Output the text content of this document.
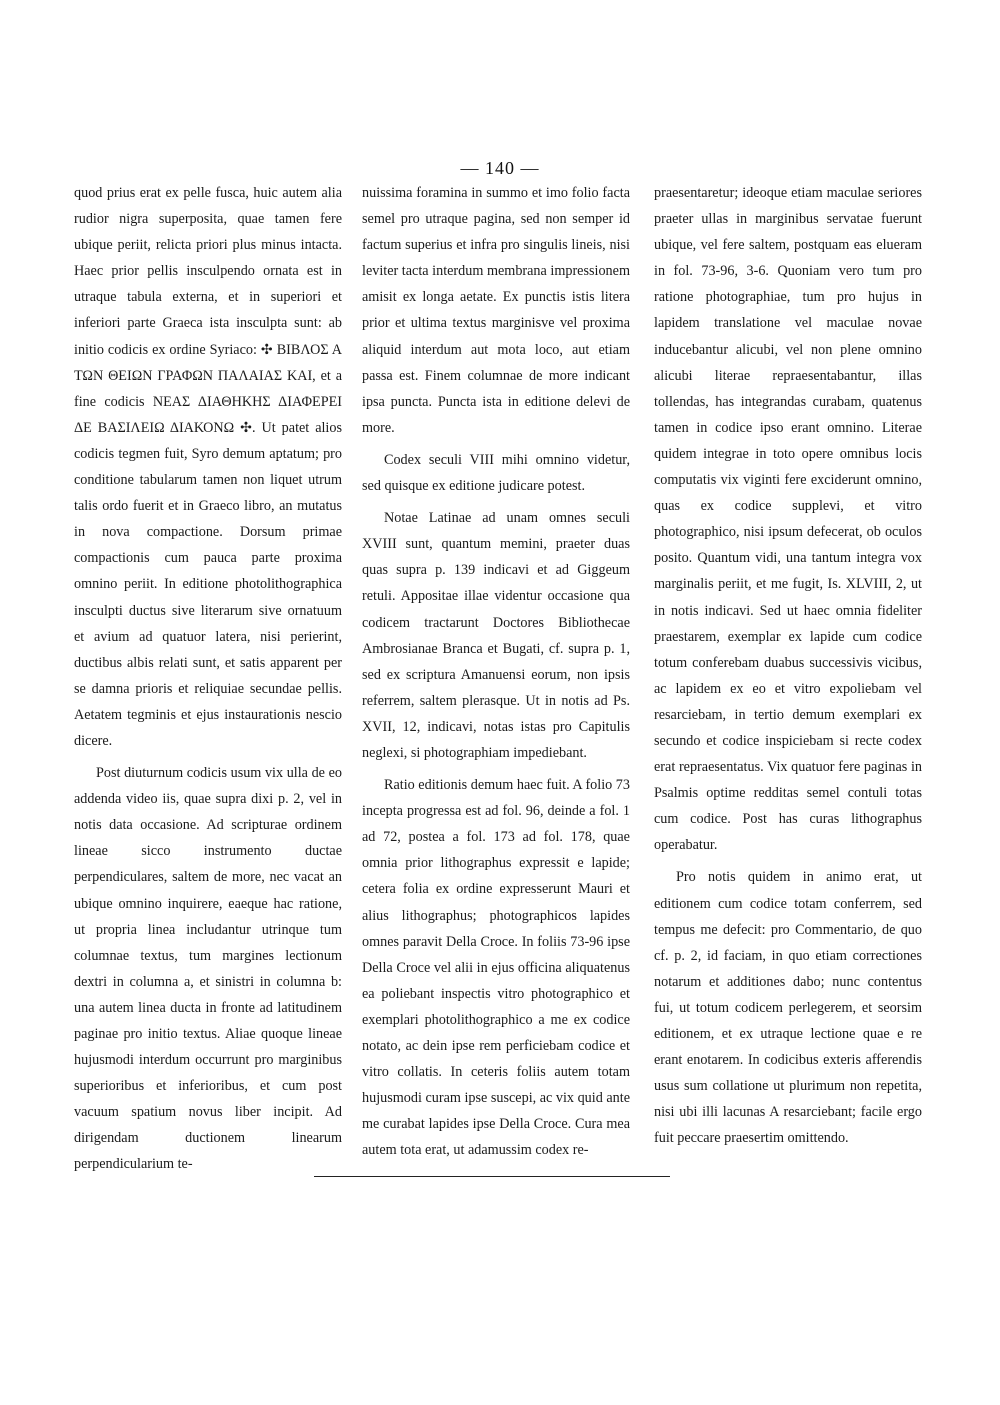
— 140 —

quod prius erat ex pelle fusca, huic autem alia rudior nigra superposita, quae tamen fere ubique periit, relicta priori plus minus intacta. Haec prior pellis insculpendo ornata est in utraque tabula externa, et in superiori et inferiori parte Graeca ista insculpta sunt: ab initio codicis ex ordine Syriaco: ✣ ΒΙΒΛΟΣ Α ΤΩΝ ΘΕΙΩΝ ΓΡΑΦΩΝ ΠΑΛΑΙΑΣ ΚΑΙ, et a fine codicis ΝΕΑΣ ΔΙΑΘΗΚΗΣ ΔΙΑΦΕΡΕΙ ΔΕ ΒΑΣΙΛΕΙΩ ΔΙΑΚΟΝΩ ✣. Ut patet alios codicis tegmen fuit, Syro demum aptatum; pro conditione tabularum tamen non liquet utrum talis ordo fuerit et in Graeco libro, an mutatus in nova compactione. Dorsum primae compactionis cum pauca parte proxima omnino periit. In editione photolithographica insculpti ductus sive literarum sive ornatuum et avium ad quatuor latera, nisi perierint, ductibus albis relati sunt, et satis apparent per se damna prioris et reliquiae secundae pellis. Aetatem tegminis et ejus instaurationis nescio dicere.

Post diuturnum codicis usum vix ulla de eo addenda video iis, quae supra dixi p. 2, vel in notis data occasione. Ad scripturae ordinem lineae sicco instrumento ductae perpendiculares, saltem de more, nec vacat an ubique omnino inquirere, eaeque hac ratione, ut propria linea includantur utrinque tum columnae textus, tum margines lectionum dextri in columna a, et sinistri in columna b: una autem linea ducta in fronte ad latitudinem paginae pro initio textus. Aliae quoque lineae hujusmodi interdum occurrunt pro marginibus superioribus et inferioribus, et cum post vacuum spatium novus liber incipit. Ad dirigendam ductionem linearum perpendicularium te-

nuissima foramina in summo et imo folio facta semel pro utraque pagina, sed non semper id factum superius et infra pro singulis lineis, nisi leviter tacta interdum membrana impressionem amisit ex longa aetate. Ex punctis istis litera prior et ultima textus marginisve vel proxima aliquid interdum aut mota loco, aut etiam passa est. Finem columnae de more indicant ipsa puncta. Puncta ista in editione delevi de more.

Codex seculi VIII mihi omnino videtur, sed quisque ex editione judicare potest.

Notae Latinae ad unam omnes seculi XVIII sunt, quantum memini, praeter duas quas supra p. 139 indicavi et ad Giggeum retuli. Appositae illae videntur occasione qua codicem tractarunt Doctores Bibliothecae Ambrosianae Branca et Bugati, cf. supra p. 1, sed ex scriptura Amanuensi eorum, non ipsis referrem, saltem plerasque. Ut in notis ad Ps. XVII, 12, indicavi, notas istas pro Capitulis neglexi, si photographiam impediebant.

Ratio editionis demum haec fuit. A folio 73 incepta progressa est ad fol. 96, deinde a fol. 1 ad 72, postea a fol. 173 ad fol. 178, quae omnia prior lithographus expressit e lapide; cetera folia ex ordine expresserunt Mauri et alius lithographus; photographicos lapides omnes paravit Della Croce. In foliis 73-96 ipse Della Croce vel alii in ejus officina aliquatenus ea poliebant inspectis vitro photographico et exemplari photolithographico a me ex codice notato, ac dein ipse rem perficiebam codice et vitro collatis. In ceteris foliis autem totam hujusmodi curam ipse suscepi, ac vix quid ante me curabat lapides ipse Della Croce. Cura mea autem tota erat, ut adamussim codex re-

praesentaretur; ideoque etiam maculae seriores praeter ullas in marginibus servatae fuerunt ubique, vel fere saltem, postquam eas elueram in fol. 73-96, 3-6. Quoniam vero tum pro ratione photographiae, tum pro hujus in lapidem translatione vel maculae novae inducebantur alicubi, vel non plene omnino alicubi literae repraesentabantur, illas tollendas, has integrandas curabam, quatenus tamen in codice ipso erant omnino. Literae quidem integrae in toto opere omnibus locis computatis vix viginti fere exciderunt omnino, quas ex codice supplevi, et vitro photographico, nisi ipsum defecerat, ob oculos posito. Quantum vidi, una tantum integra vox marginalis periit, et me fugit, Is. XLVIII, 2, ut in notis indicavi. Sed ut haec omnia fideliter praestarem, exemplar ex lapide cum codice totum conferebam duabus successivis vicibus, ac lapidem ex eo et vitro expoliebam vel resarciebam, in tertio demum exemplari ex secundo et codice inspiciebam si recte codex erat repraesentatus. Vix quatuor fere paginas in Psalmis optime redditas semel contuli totas cum codice. Post has curas lithographus operabatur.

Pro notis quidem in animo erat, ut editionem cum codice totam conferrem, sed tempus me defecit: pro Commentario, de quo cf. p. 2, id faciam, in quo etiam correctiones notarum et additiones dabo; nunc contentus fui, ut totum codicem perlegerem, et seorsim editionem, et ex utraque lectione quae e re erant enotarem. In codicibus exteris afferendis usus sum collatione ut plurimum non repetita, nisi ubi illi lacunas A resarciebant; facile ergo fuit peccare praesertim omittendo.
